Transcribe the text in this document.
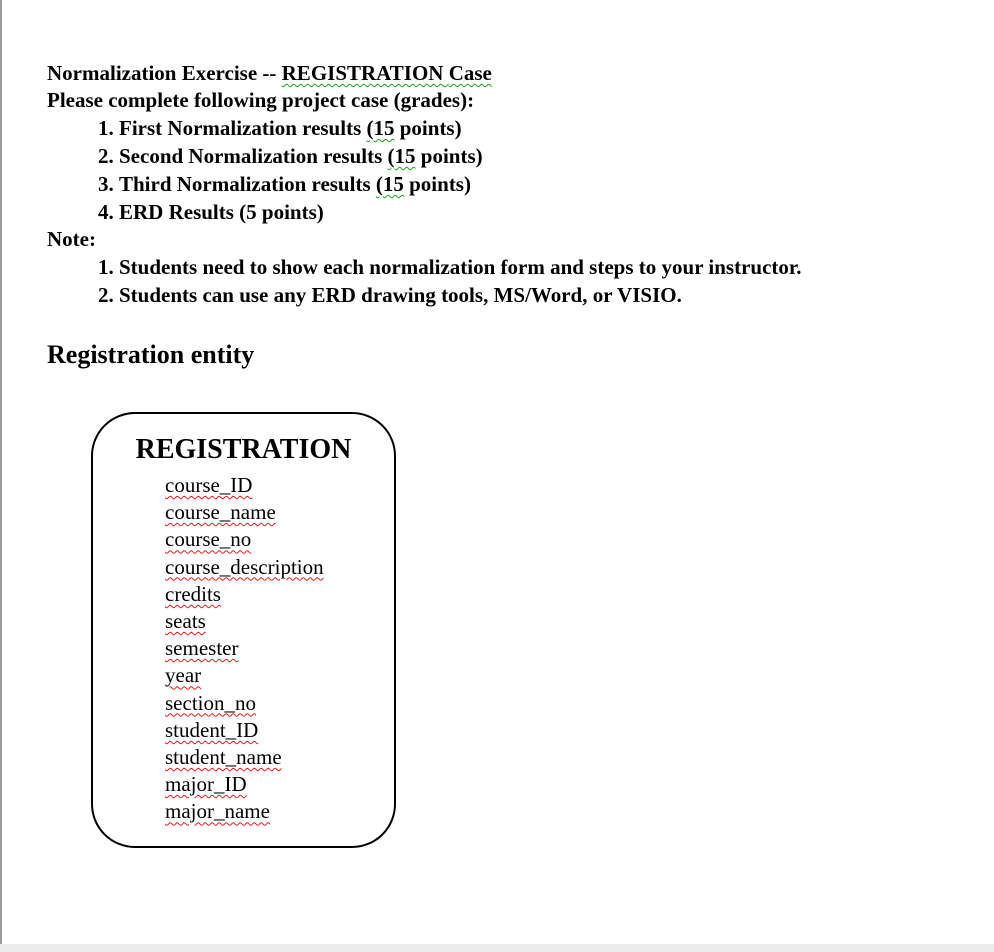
Normalization Exercise -- REGISTRATION Case

Please complete following project case (grades):

1. First Normalization results (15 points)
2. Second Normalization results (15 points)
3. Third Normalization results (15 points)
4. ERD Results (5 points)

Note:

1. Students need to show each normalization form and steps to your instructor.
2. Students can use any ERD drawing tools, MS/Word, or VISIO.
Registration entity

REGISTRATION

course_ID
course_name
course_no
course_description
credits
seats
semester
year
section_no
student_ID
student_name
major_ID
major_name
